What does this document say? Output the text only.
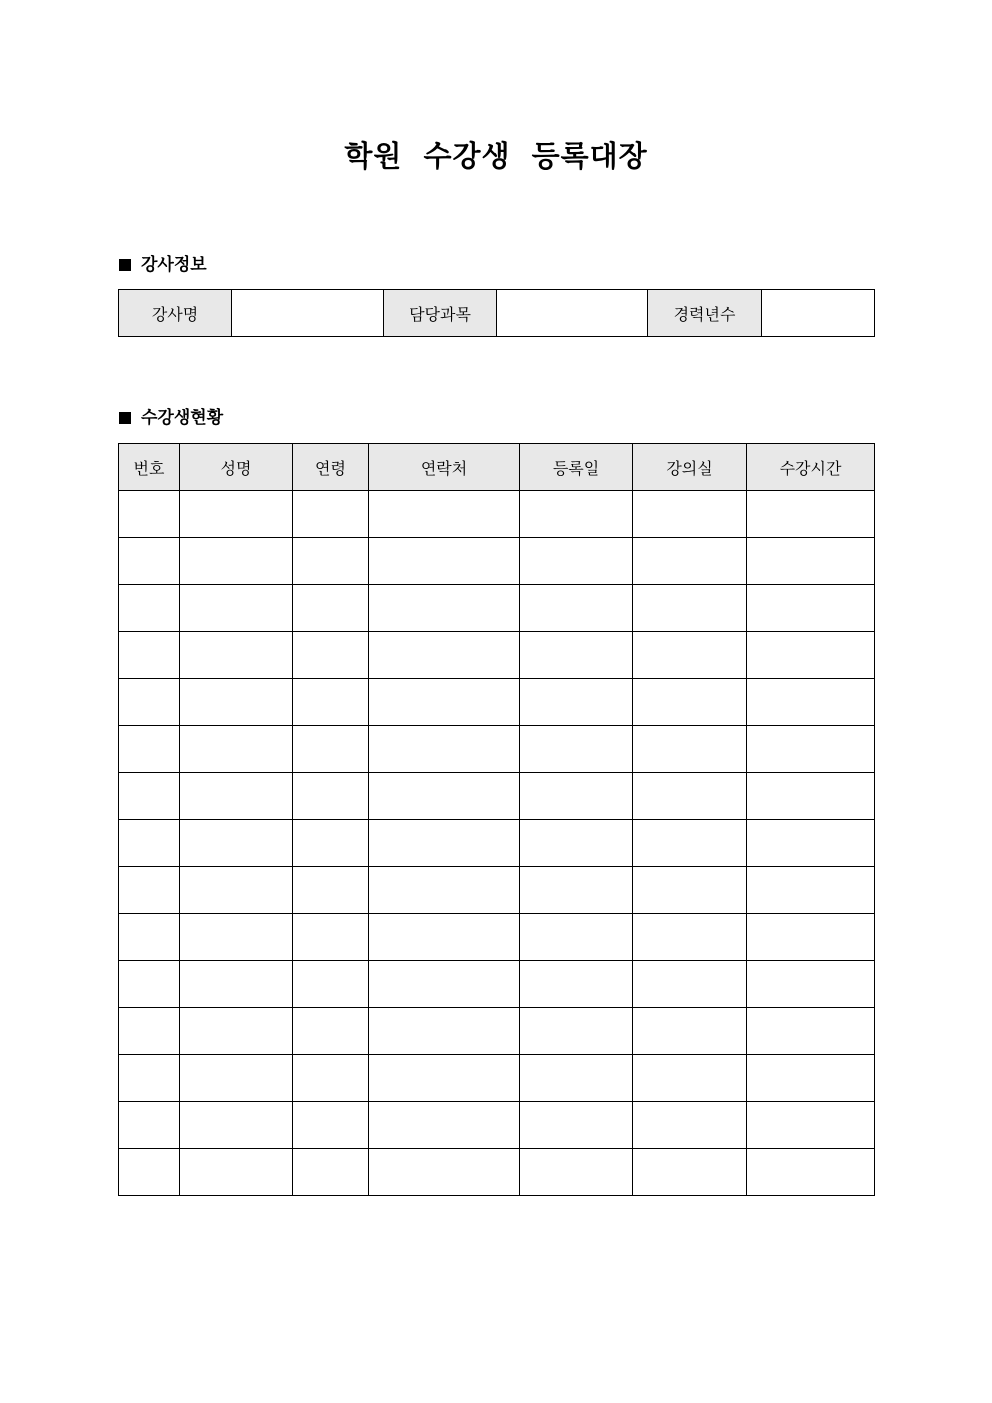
학원 수강생 등록대장
강사정보
강사명		담당과목		경력년수	
수강생현황
번호	성명	연령	연락처	등록일	강의실	수강시간
